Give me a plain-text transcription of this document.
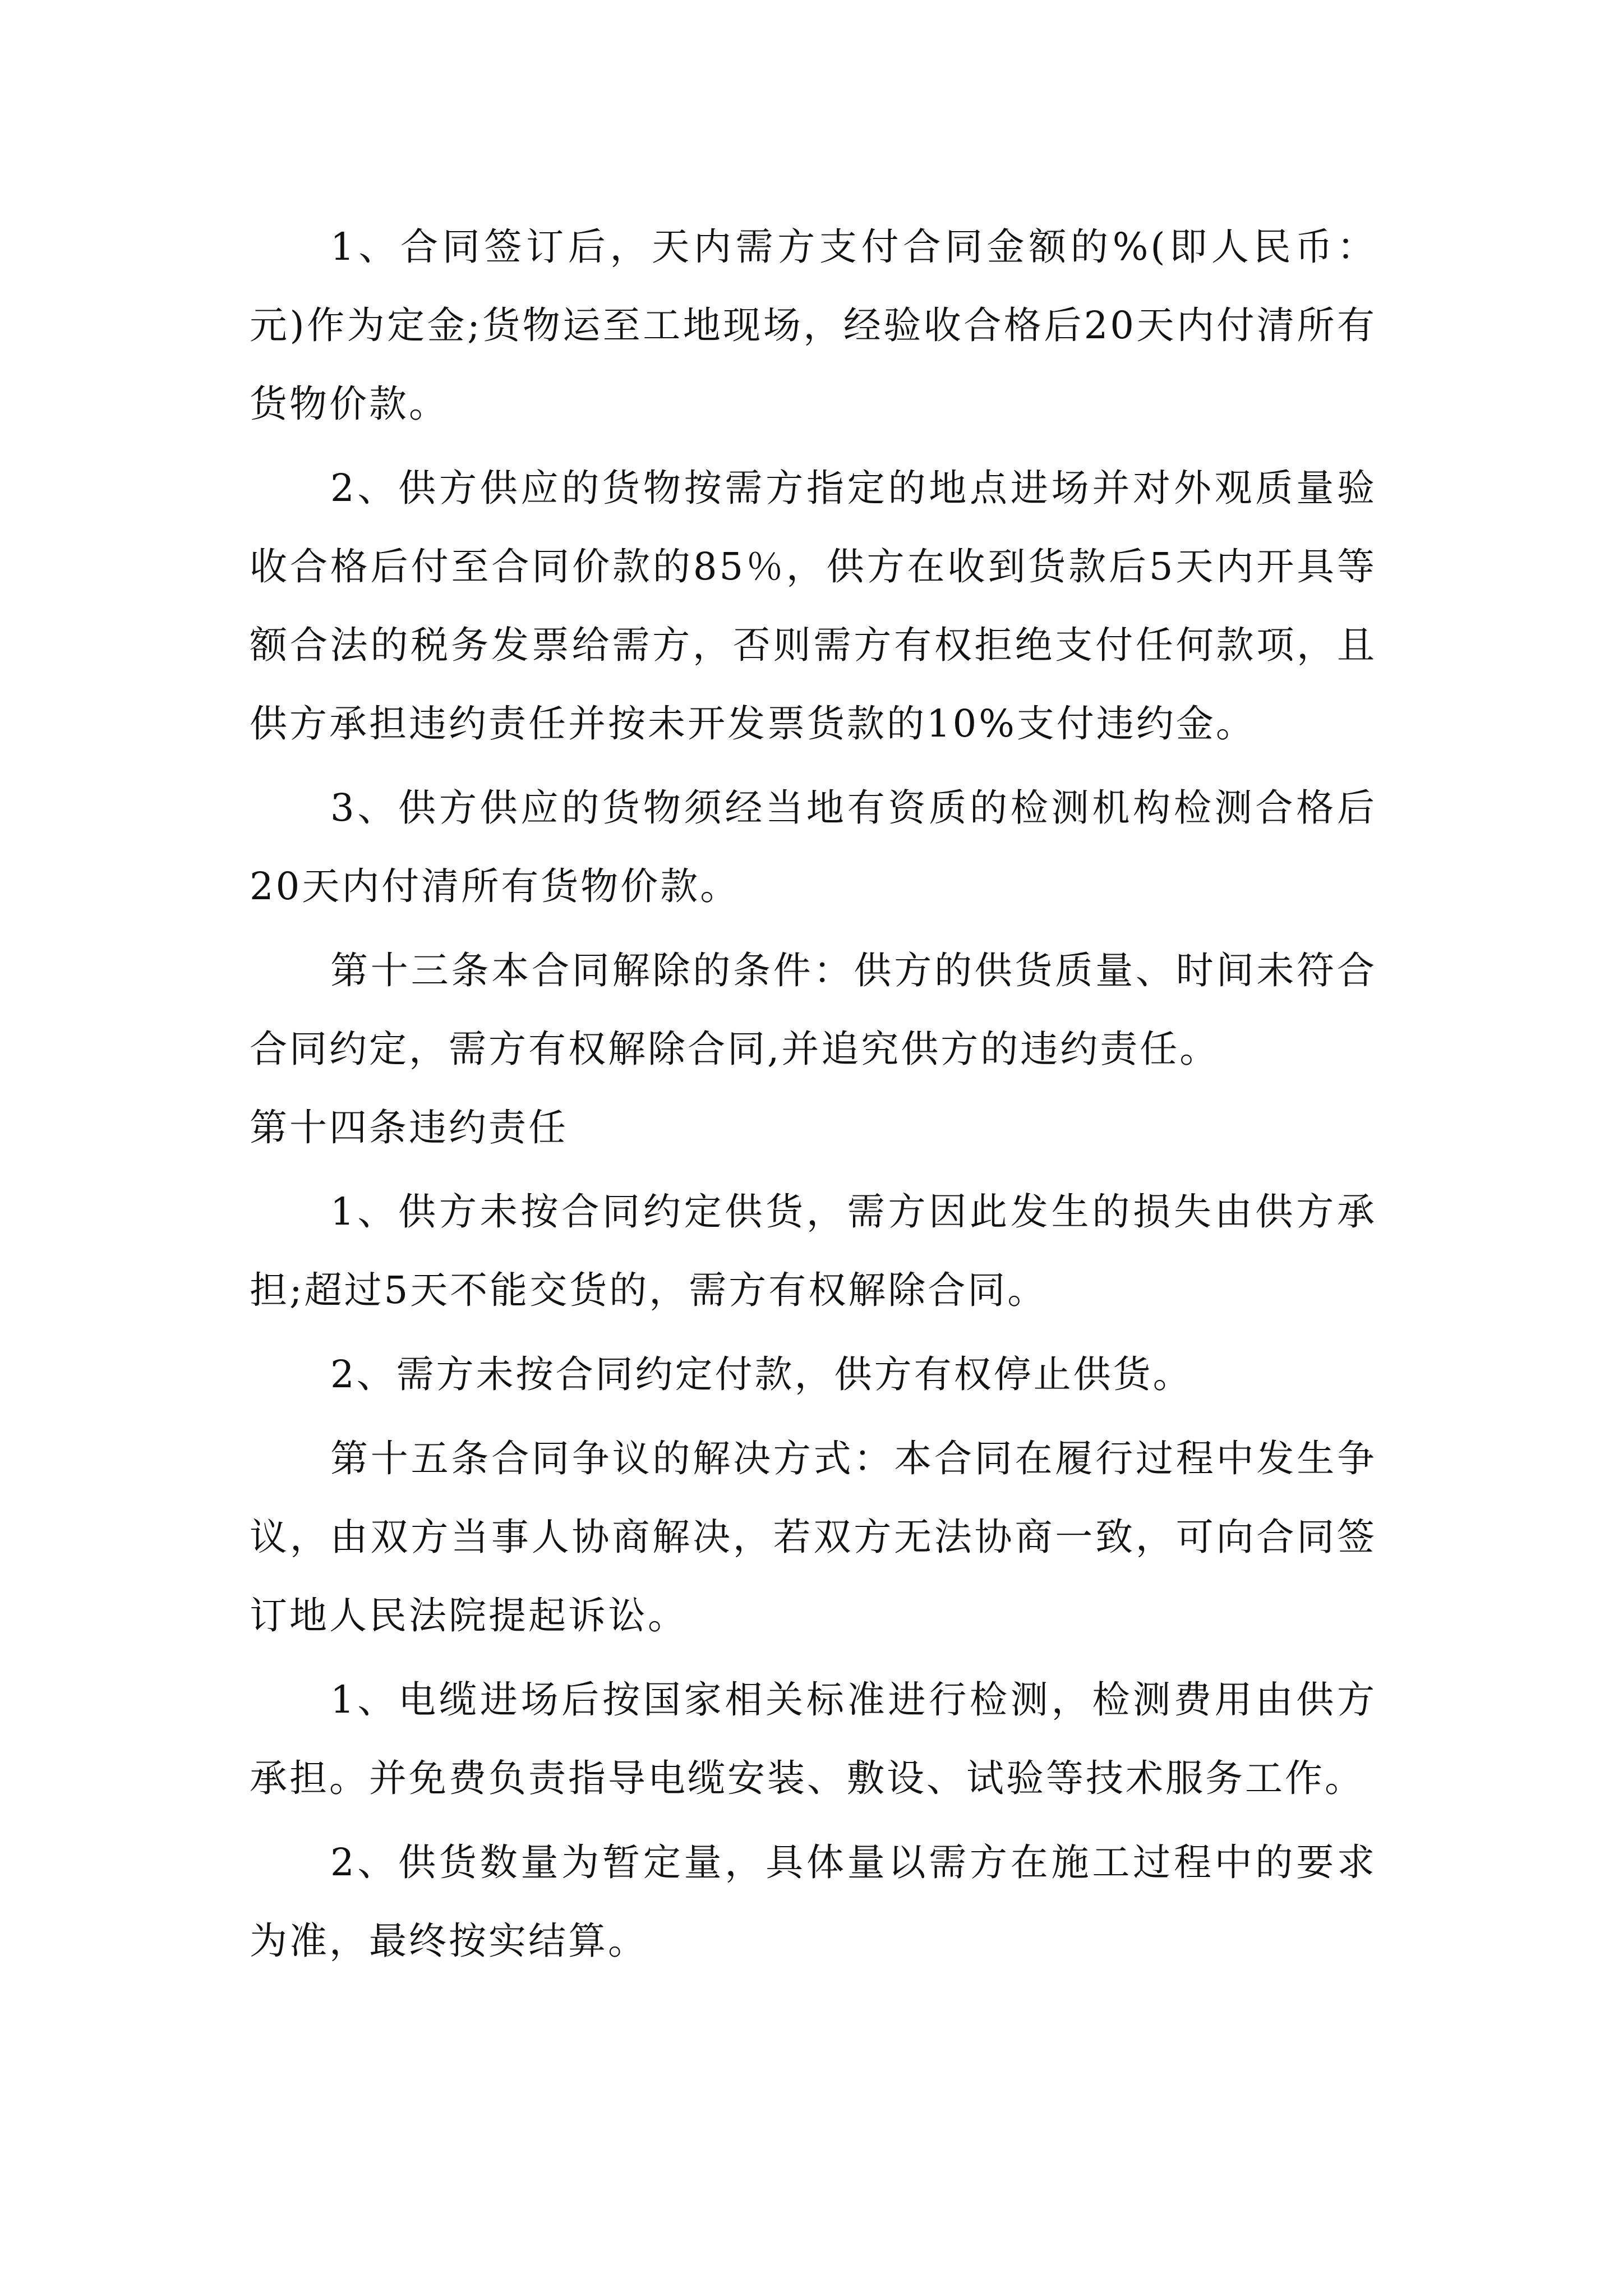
1、合同签订后，天内需方支付合同金额的%(即人民币：元)作为定金;货物运至工地现场，经验收合格后20天内付清所有货物价款。

2、供方供应的货物按需方指定的地点进场并对外观质量验收合格后付至合同价款的85％，供方在收到货款后5天内开具等额合法的税务发票给需方，否则需方有权拒绝支付任何款项，且供方承担违约责任并按未开发票货款的10%支付违约金。

3、供方供应的货物须经当地有资质的检测机构检测合格后20天内付清所有货物价款。

第十三条本合同解除的条件：供方的供货质量、时间未符合合同约定，需方有权解除合同,并追究供方的违约责任。

第十四条违约责任

1、供方未按合同约定供货，需方因此发生的损失由供方承担;超过5天不能交货的，需方有权解除合同。

2、需方未按合同约定付款，供方有权停止供货。

第十五条合同争议的解决方式：本合同在履行过程中发生争议，由双方当事人协商解决，若双方无法协商一致，可向合同签订地人民法院提起诉讼。

1、电缆进场后按国家相关标准进行检测，检测费用由供方承担。并免费负责指导电缆安装、敷设、试验等技术服务工作。

2、供货数量为暂定量，具体量以需方在施工过程中的要求为准，最终按实结算。
